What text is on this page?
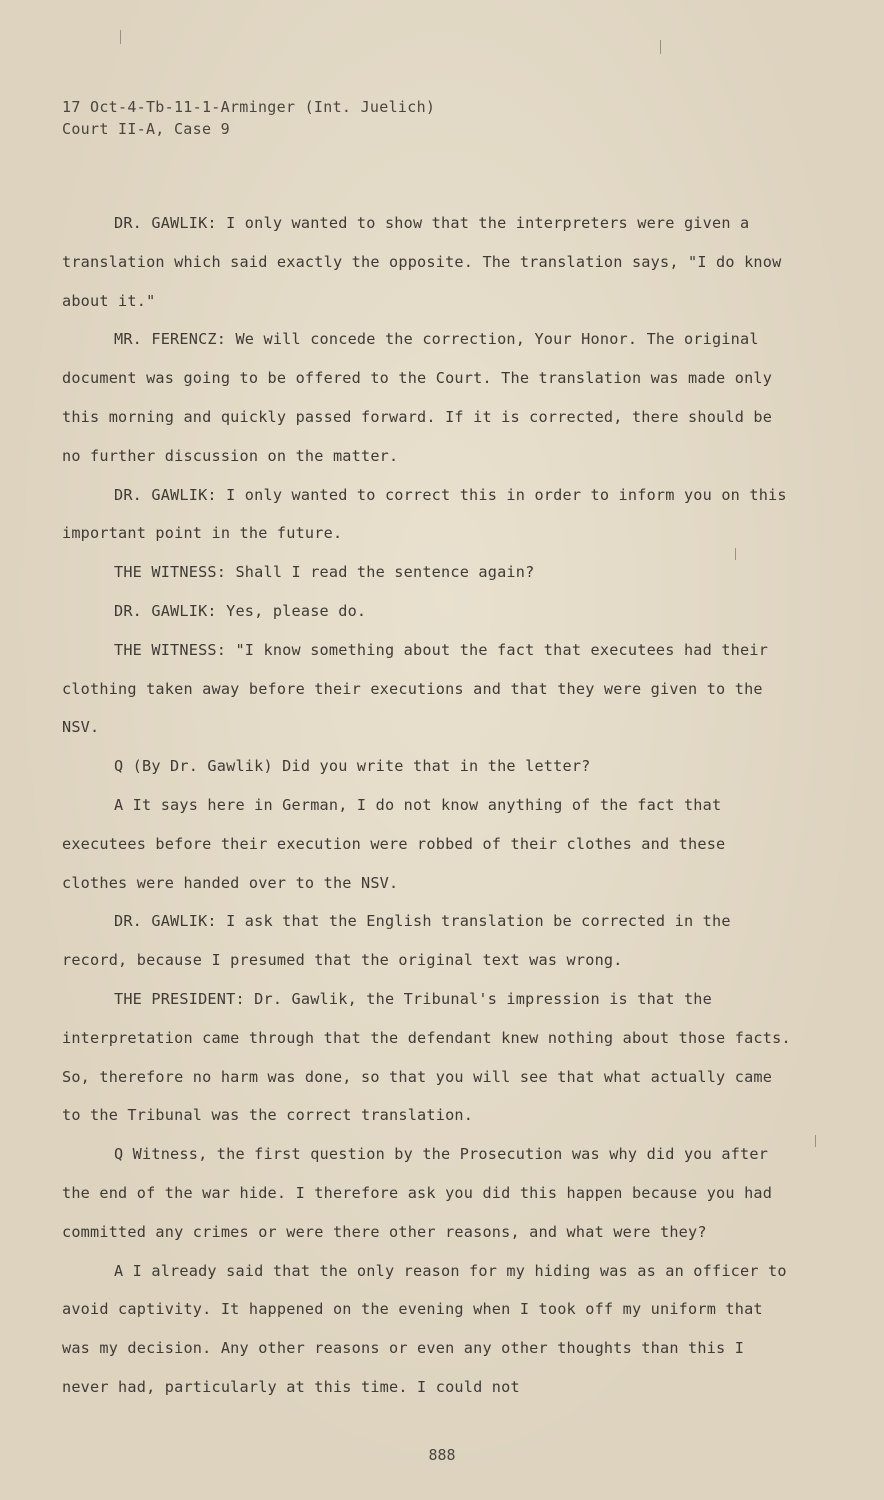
17 Oct-4-Tb-11-1-Arminger (Int. Juelich)
Court II-A, Case 9

DR. GAWLIK: I only wanted to show that the interpreters were given a translation which said exactly the opposite. The translation says, "I do know about it."

MR. FERENCZ: We will concede the correction, Your Honor. The original document was going to be offered to the Court. The translation was made only this morning and quickly passed forward. If it is corrected, there should be no further discussion on the matter.

DR. GAWLIK: I only wanted to correct this in order to inform you on this important point in the future.

THE WITNESS: Shall I read the sentence again?

DR. GAWLIK: Yes, please do.

THE WITNESS: "I know something about the fact that executees had their clothing taken away before their executions and that they were given to the NSV.

Q (By Dr. Gawlik) Did you write that in the letter?

A It says here in German, I do not know anything of the fact that executees before their execution were robbed of their clothes and these clothes were handed over to the NSV.

DR. GAWLIK: I ask that the English translation be corrected in the record, because I presumed that the original text was wrong.

THE PRESIDENT: Dr. Gawlik, the Tribunal's impression is that the interpretation came through that the defendant knew nothing about those facts. So, therefore no harm was done, so that you will see that what actually came to the Tribunal was the correct translation.

Q Witness, the first question by the Prosecution was why did you after the end of the war hide. I therefore ask you did this happen because you had committed any crimes or were there other reasons, and what were they?

A I already said that the only reason for my hiding was as an officer to avoid captivity. It happened on the evening when I took off my uniform that was my decision. Any other reasons or even any other thoughts than this I never had, particularly at this time. I could not

888
